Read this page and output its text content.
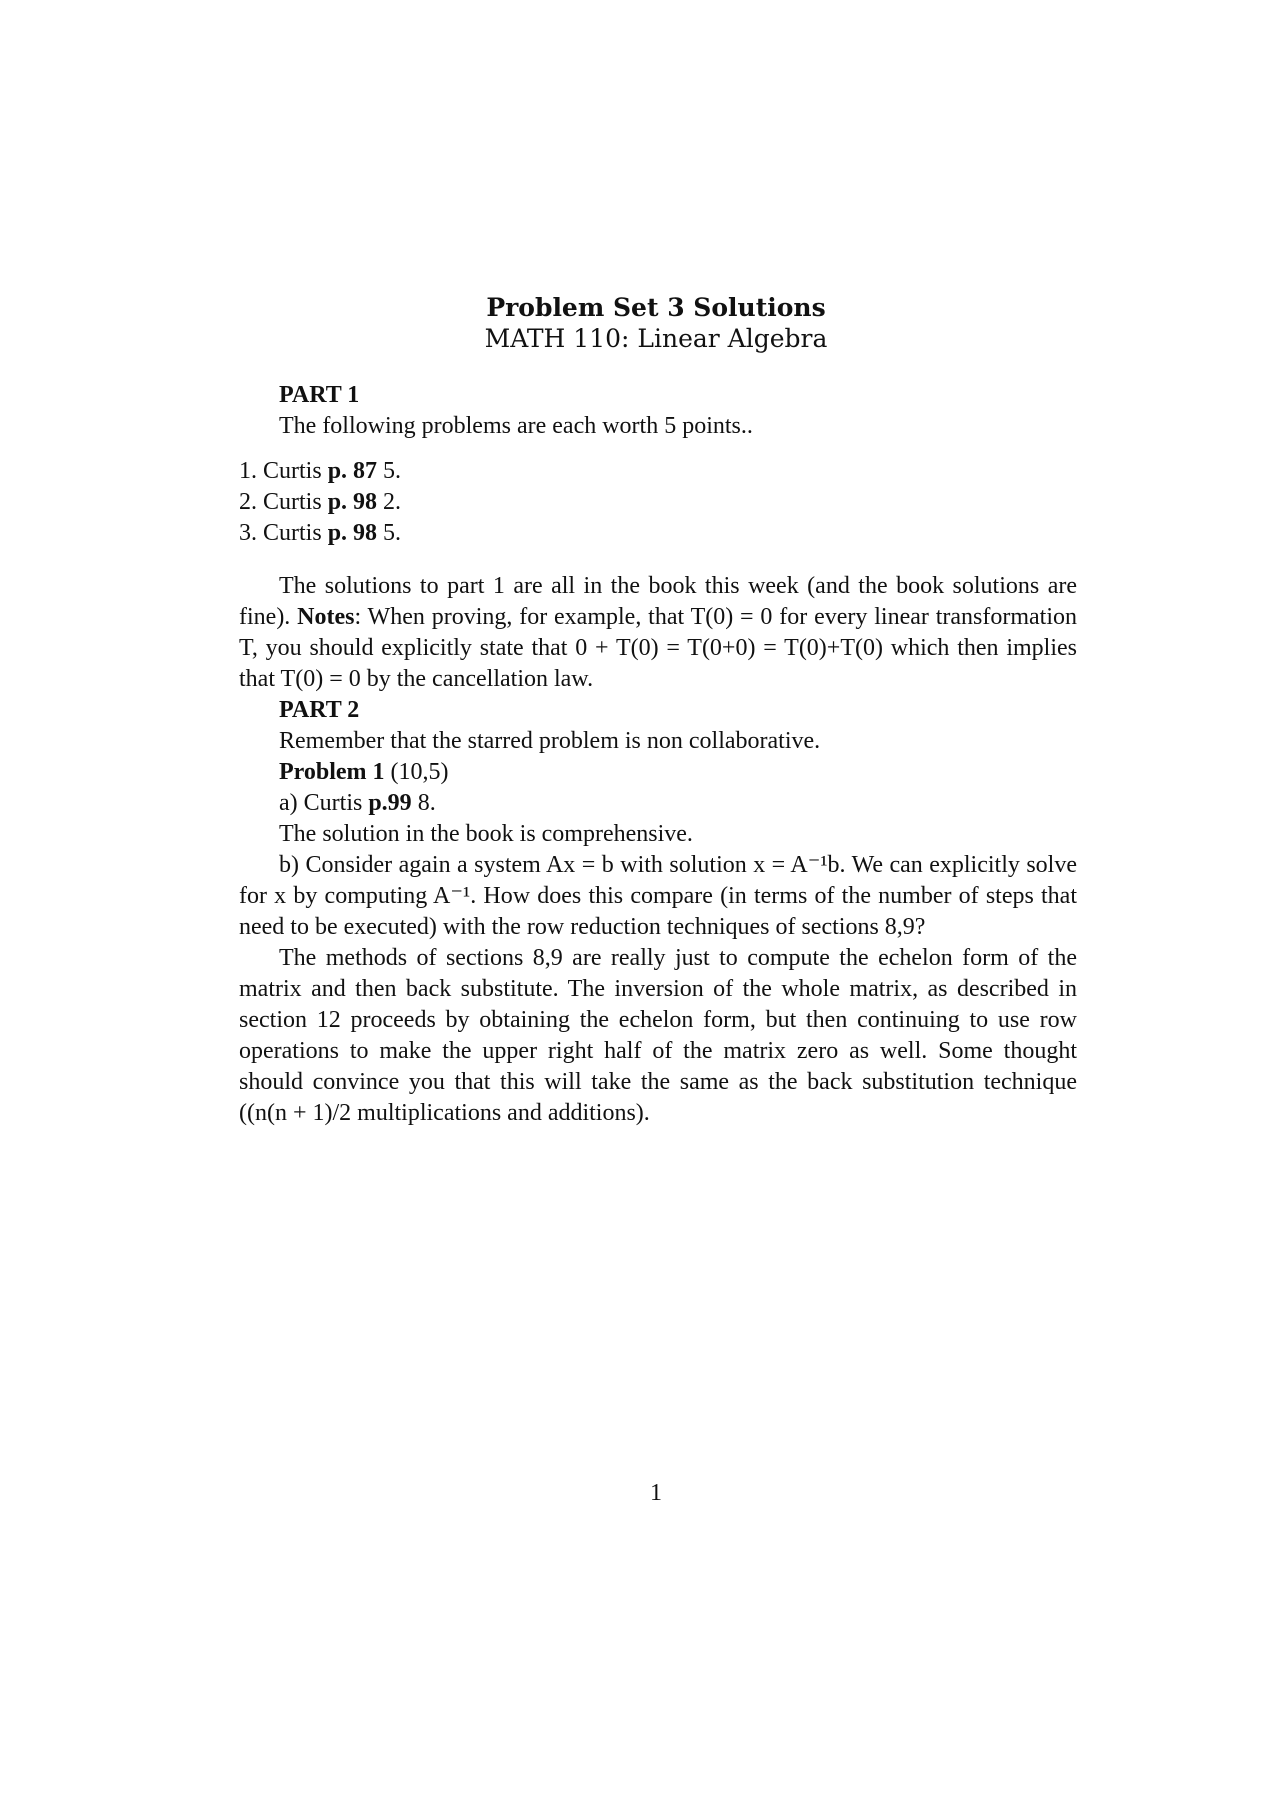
Problem Set 3 Solutions
MATH 110: Linear Algebra
PART 1
The following problems are each worth 5 points..
1. Curtis p. 87 5.
2. Curtis p. 98 2.
3. Curtis p. 98 5.
The solutions to part 1 are all in the book this week (and the book solutions are fine). Notes: When proving, for example, that T(0) = 0 for every linear transformation T, you should explicitly state that 0 + T(0) = T(0+0) = T(0)+T(0) which then implies that T(0) = 0 by the cancellation law.
PART 2
Remember that the starred problem is non collaborative.
Problem 1 (10,5)
a) Curtis p.99 8.
The solution in the book is comprehensive.
b) Consider again a system Ax = b with solution x = A⁻¹b. We can explicitly solve for x by computing A⁻¹. How does this compare (in terms of the number of steps that need to be executed) with the row reduction techniques of sections 8,9?
The methods of sections 8,9 are really just to compute the echelon form of the matrix and then back substitute. The inversion of the whole matrix, as described in section 12 proceeds by obtaining the echelon form, but then continuing to use row operations to make the upper right half of the matrix zero as well. Some thought should convince you that this will take the same as the back substitution technique ((n(n + 1)/2 multiplications and additions).
1
